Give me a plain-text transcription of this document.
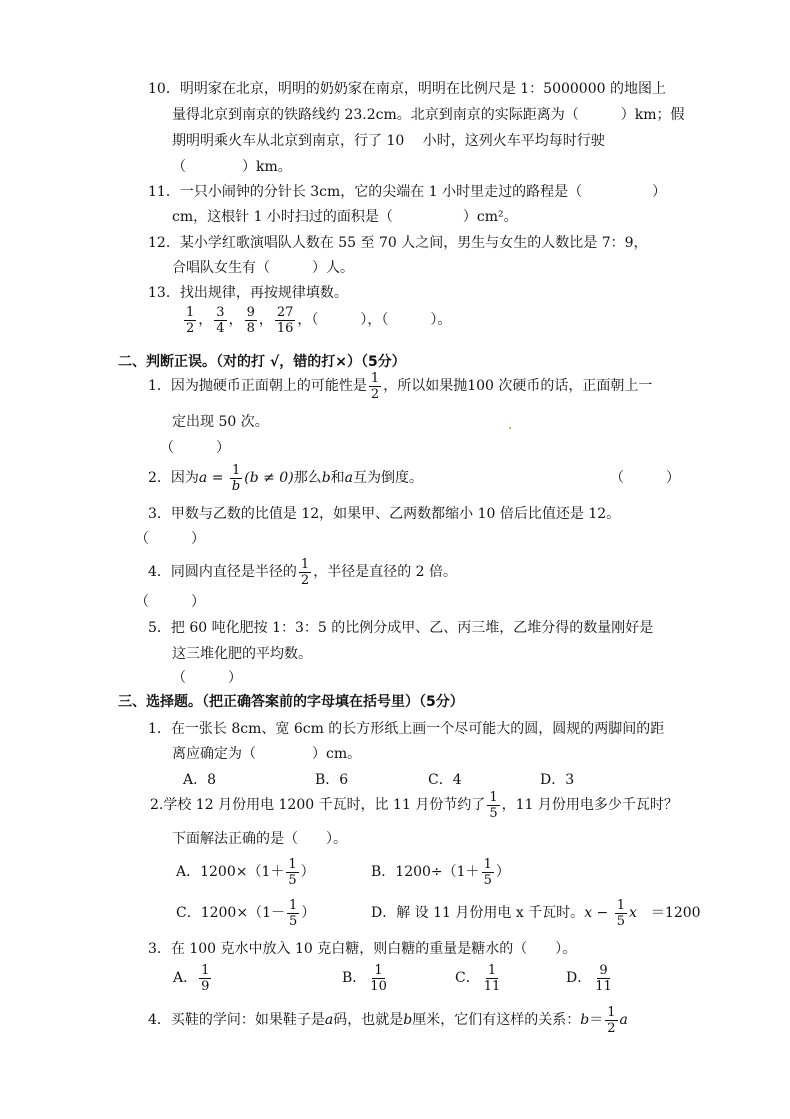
10．明明家在北京，明明的奶奶家在南京，明明在比例尺是 1：5000000 的地图上
量得北京到南京的铁路线约 23.2cm。北京到南京的实际距离为（　　　）km；假
期明明乘火车从北京到南京，行了 10　 小时，这列火车平均每时行驶
（　　　　）km。
11．一只小闹钟的分针长 3cm，它的尖端在 1 小时里走过的路程是（　　　　　）
cm，这根针 1 小时扫过的面积是（　　　　　）cm²。
12．某小学红歌演唱队人数在 55 至 70 人之间，男生与女生的人数比是 7：9，
合唱队女生有（　　　）人。
13．找出规律，再按规律填数。
$\frac{1}{2}$ ， $\frac{3}{4}$ ， $\frac{9}{8}$ ， $\frac{27}{16}$ ，（　　　），（　　　）。
二、判断正误。（对的打 √，错的打×）（5分）
1．因为抛硬币正面朝上的可能性是 $\frac{1}{2}$ ，所以如果抛100 次硬币的话，正面朝上一
定出现 50 次。
（　　　）
2．因为$a = \frac{1}{b} (b \ne 0)$那么b和a互为倒度。	（　　　）
3．甲数与乙数的比值是 12，如果甲、乙两数都缩小 10 倍后比值还是 12。
（　　　）
4．同圆内直径是半径的 $\frac{1}{2}$ ，半径是直径的 2 倍。
（　　　）
5．把 60 吨化肥按 1：3：5 的比例分成甲、乙、丙三堆，乙堆分得的数量刚好是
这三堆化肥的平均数。
（　　　）
三、选择题。（把正确答案前的字母填在括号里）（5分）
1．在一张长 8cm、宽 6cm 的长方形纸上画一个尽可能大的圆，圆规的两脚间的距
离应确定为（　　　　）cm。
A．8	B．6	C．4	D．3
2.学校 12 月份用电 1200 千瓦时，比 11 月份节约了 $\frac{1}{5}$ ，11 月份用电多少千瓦时？
下面解法正确的是（　　）。
A．$1200\times(1+ \frac{1}{5}$ ）	B．$1200\div(1+ \frac{1}{5}$ ）
C．$1200\times(1- \frac{1}{5}$ ）	D．解 设 11 月份用电 x 千瓦时。$x - \frac{1}{5}$ x　＝1200
3．在 100 克水中放入 10 克白糖，则白糖的重量是糖水的（　　）。
A． $\frac{1}{9}$	B． $\frac{1}{10}$	C． $\frac{1}{11}$	D． $\frac{9}{11}$
4．买鞋的学问：如果鞋子是a码，也就是b厘米，它们有这样的关系：$b= \frac{1}{2}$ a
